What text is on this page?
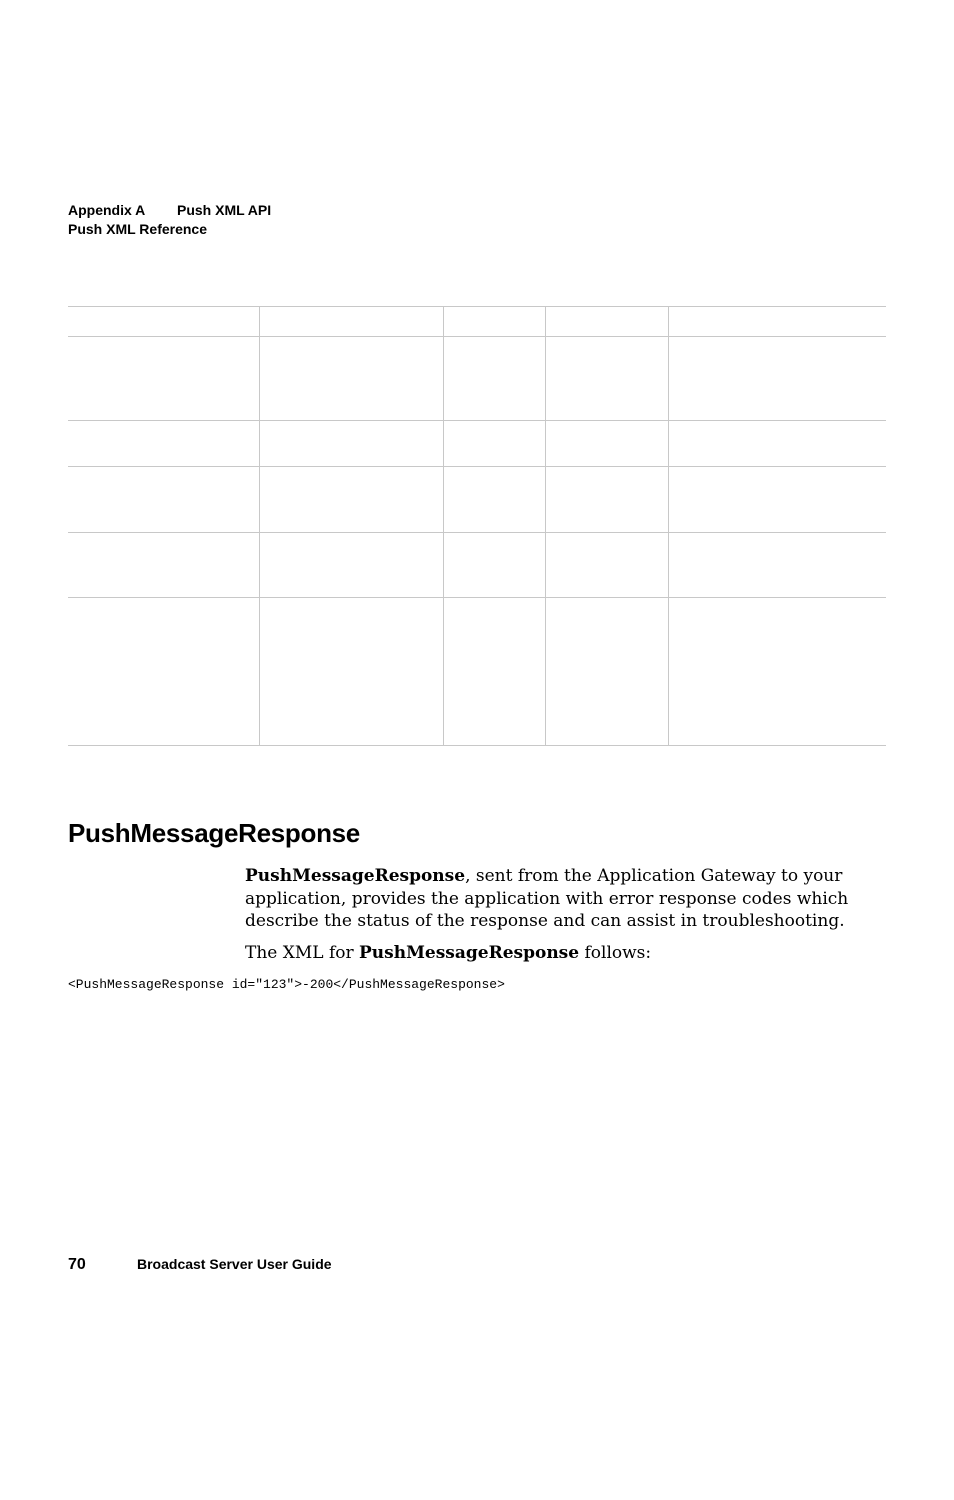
Appendix A Push XML API
Push XML Reference

PushMessageResponse

PushMessageResponse, sent from the Application Gateway to your application, provides the application with error response codes which describe the status of the response and can assist in troubleshooting.

The XML for PushMessageResponse follows:

<PushMessageResponse id="123">-200</PushMessageResponse>
70	Broadcast Server User Guide
